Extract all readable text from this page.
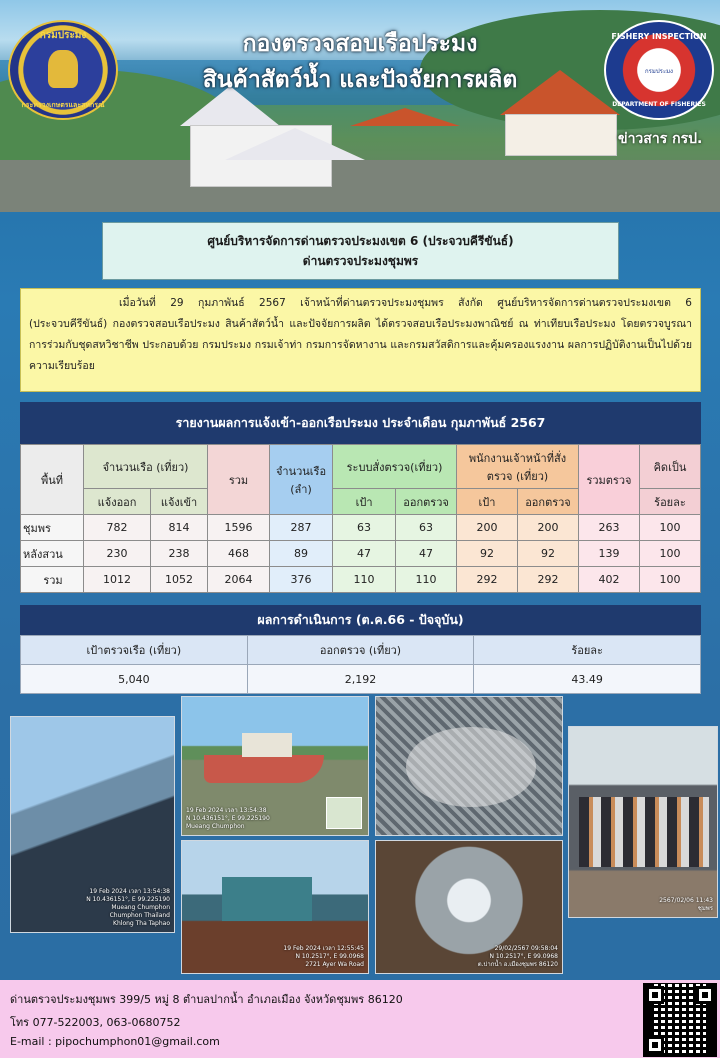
กองตรวจสอบเรือประมง
สินค้าสัตว์น้ำ และปัจจัยการผลิต
กรมประมง
กระทรวงเกษตรและสหกรณ์
FISHERY INSPECTION
กรมประมง
DEPARTMENT OF FISHERIES
ข่าวสาร กรป.
ศูนย์บริหารจัดการด่านตรวจประมงเขต 6 (ประจวบคีรีขันธ์)
ด่านตรวจประมงชุมพร
เมื่อวันที่ 29 กุมภาพันธ์ 2567 เจ้าหน้าที่ด่านตรวจประมงชุมพร สังกัด ศูนย์บริหารจัดการด่านตรวจประมงเขต 6 (ประจวบคีรีขันธ์) กองตรวจสอบเรือประมง สินค้าสัตว์น้ำ และปัจจัยการผลิต ได้ตรวจสอบเรือประมงพาณิชย์ ณ ท่าเทียบเรือประมง โดยตรวจบูรณาการร่วมกับชุดสหวิชาชีพ ประกอบด้วย กรมประมง กรมเจ้าท่า กรมการจัดหางาน และกรมสวัสดิการและคุ้มครองแรงงาน ผลการปฏิบัติงานเป็นไปด้วยความเรียบร้อย
รายงานผลการแจ้งเข้า-ออกเรือประมง ประจำเดือน กุมภาพันธ์ 2567
พื้นที่	จำนวนเรือ (เที่ยว)		รวม	จำนวนเรือ (ลำ)	ระบบสั่งตรวจ(เที่ยว)		พนักงานเจ้าหน้าที่สั่งตรวจ (เที่ยว)		รวมตรวจ	คิดเป็น
	แจ้งออก	แจ้งเข้า			เป้า	ออกตรวจ	เป้า	ออกตรวจ		ร้อยละ
ชุมพร	782	814	1596	287	63	63	200	200	263	100
หลังสวน	230	238	468	89	47	47	92	92	139	100
รวม	1012	1052	2064	376	110	110	292	292	402	100
ผลการดำเนินการ (ต.ค.66 - ปัจจุบัน)
เป้าตรวจเรือ (เที่ยว)	ออกตรวจ (เที่ยว)	ร้อยละ
5,040	2,192	43.49
19 Feb 2024 เวลา 13:54:38
N 10.436151°, E 99.225190
Mueang Chumphon
Chumphon Thailand
Khlong Tha Taphao
19 Feb 2024 เวลา 13:54:38
N 10.436151°, E 99.225190
Mueang Chumphon
19 Feb 2024 เวลา 12:55:45
N 10.2517°, E 99.0968
2721 Ayer Wa Road
29/02/2567 09:58:04
N 10.2517°, E 99.0968
ต.ปากน้ำ อ.เมืองชุมพร 86120
2567/02/06 11:43
ชุมพร
ด่านตรวจประมงชุมพร 399/5 หมู่ 8 ตำบลปากน้ำ อำเภอเมือง จังหวัดชุมพร 86120
โทร 077-522003, 063-0680752
E-mail : pipochumphon01@gmail.com
